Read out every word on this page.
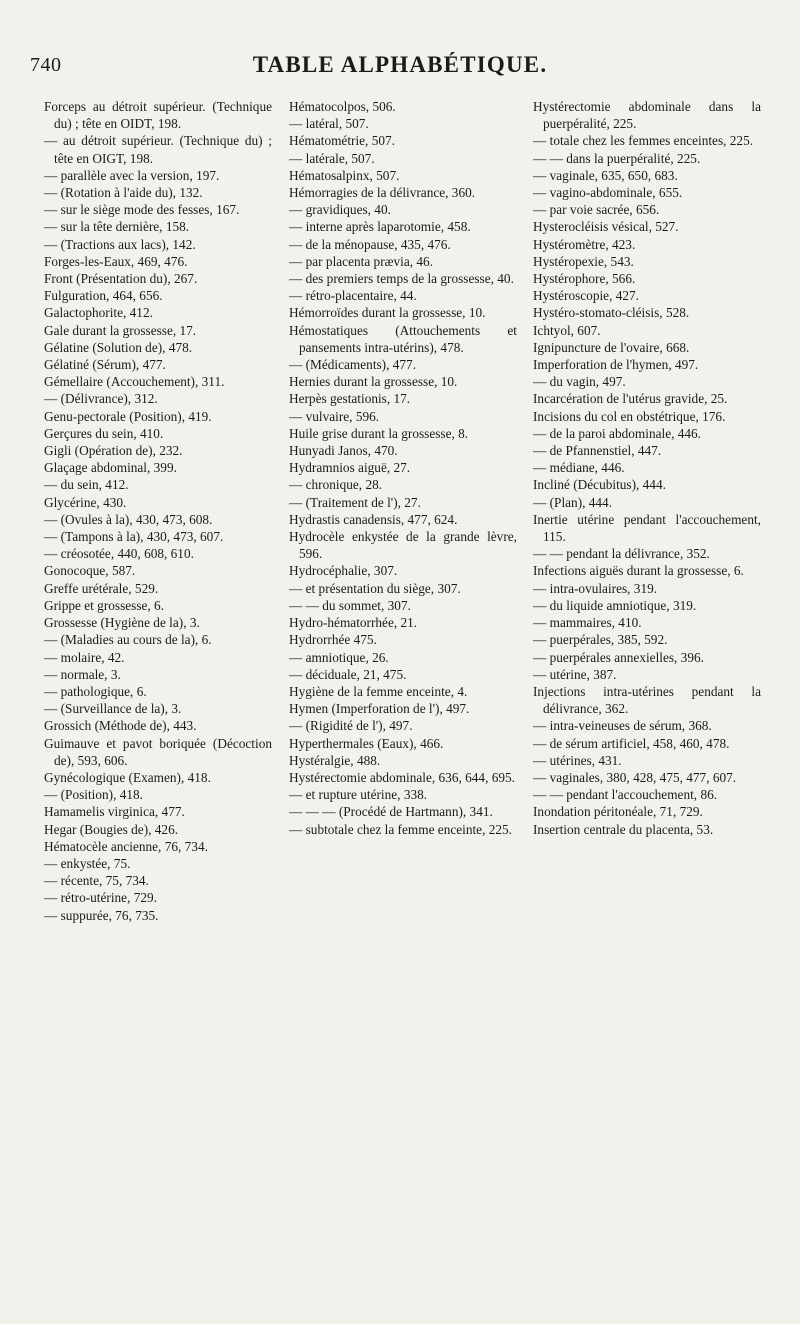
740	TABLE ALPHABÉTIQUE.

Forceps au détroit supérieur. (Technique du) ; tête en OIDT, 198.

— au détroit supérieur. (Technique du) ; tête en OIGT, 198.

— parallèle avec la version, 197.

— (Rotation à l'aide du), 132.

— sur le siège mode des fesses, 167.

— sur la tête dernière, 158.

— (Tractions aux lacs), 142.

Forges-les-Eaux, 469, 476.

Front (Présentation du), 267.

Fulguration, 464, 656.

Galactophorite, 412.

Gale durant la grossesse, 17.

Gélatine (Solution de), 478.

Gélatiné (Sérum), 477.

Gémellaire (Accouchement), 311.

— (Délivrance), 312.

Genu-pectorale (Position), 419.

Gerçures du sein, 410.

Gigli (Opération de), 232.

Glaçage abdominal, 399.

— du sein, 412.

Glycérine, 430.

— (Ovules à la), 430, 473, 608.

— (Tampons à la), 430, 473, 607.

— créosotée, 440, 608, 610.

Gonocoque, 587.

Greffe urétérale, 529.

Grippe et grossesse, 6.

Grossesse (Hygiène de la), 3.

— (Maladies au cours de la), 6.

— molaire, 42.

— normale, 3.

— pathologique, 6.

— (Surveillance de la), 3.

Grossich (Méthode de), 443.

Guimauve et pavot boriquée (Décoction de), 593, 606.

Gynécologique (Examen), 418.

— (Position), 418.

Hamamelis virginica, 477.

Hegar (Bougies de), 426.

Hématocèle ancienne, 76, 734.

— enkystée, 75.

— récente, 75, 734.

— rétro-utérine, 729.

— suppurée, 76, 735.

Hématocolpos, 506.

— latéral, 507.

Hématométrie, 507.

— latérale, 507.

Hématosalpinx, 507.

Hémorragies de la délivrance, 360.

— gravidiques, 40.

— interne après laparotomie, 458.

— de la ménopause, 435, 476.

— par placenta prævia, 46.

— des premiers temps de la grossesse, 40.

— rétro-placentaire, 44.

Hémorroïdes durant la grossesse, 10.

Hémostatiques (Attouchements et pansements intra-utérins), 478.

— (Médicaments), 477.

Hernies durant la grossesse, 10.

Herpès gestationis, 17.

— vulvaire, 596.

Huile grise durant la grossesse, 8.

Hunyadi Janos, 470.

Hydramnios aiguë, 27.

— chronique, 28.

— (Traitement de l'), 27.

Hydrastis canadensis, 477, 624.

Hydrocèle enkystée de la grande lèvre, 596.

Hydrocéphalie, 307.

— et présentation du siège, 307.

— — du sommet, 307.

Hydro-hématorrhée, 21.

Hydrorrhée 475.

— amniotique, 26.

— déciduale, 21, 475.

Hygiène de la femme enceinte, 4.

Hymen (Imperforation de l'), 497.

— (Rigidité de l'), 497.

Hyperthermales (Eaux), 466.

Hystéralgie, 488.

Hystérectomie abdominale, 636, 644, 695.

— et rupture utérine, 338.

— — — (Procédé de Hartmann), 341.

— subtotale chez la femme enceinte, 225.

Hystérectomie abdominale dans la puerpéralité, 225.

— totale chez les femmes enceintes, 225.

— — dans la puerpéralité, 225.

— vaginale, 635, 650, 683.

— vagino-abdominale, 655.

— par voie sacrée, 656.

Hysterocléisis vésical, 527.

Hystéromètre, 423.

Hystéropexie, 543.

Hystérophore, 566.

Hystéroscopie, 427.

Hystéro-stomato-cléisis, 528.

Ichtyol, 607.

Ignipuncture de l'ovaire, 668.

Imperforation de l'hymen, 497.

— du vagin, 497.

Incarcération de l'utérus gravide, 25.

Incisions du col en obstétrique, 176.

— de la paroi abdominale, 446.

— de Pfannenstiel, 447.

— médiane, 446.

Incliné (Décubitus), 444.

— (Plan), 444.

Inertie utérine pendant l'accouchement, 115.

— — pendant la délivrance, 352.

Infections aiguës durant la grossesse, 6.

— intra-ovulaires, 319.

— du liquide amniotique, 319.

— mammaires, 410.

— puerpérales, 385, 592.

— puerpérales annexielles, 396.

— utérine, 387.

Injections intra-utérines pendant la délivrance, 362.

— intra-veineuses de sérum, 368.

— de sérum artificiel, 458, 460, 478.

— utérines, 431.

— vaginales, 380, 428, 475, 477, 607.

— — pendant l'accouchement, 86.

Inondation péritonéale, 71, 729.

Insertion centrale du placenta, 53.
